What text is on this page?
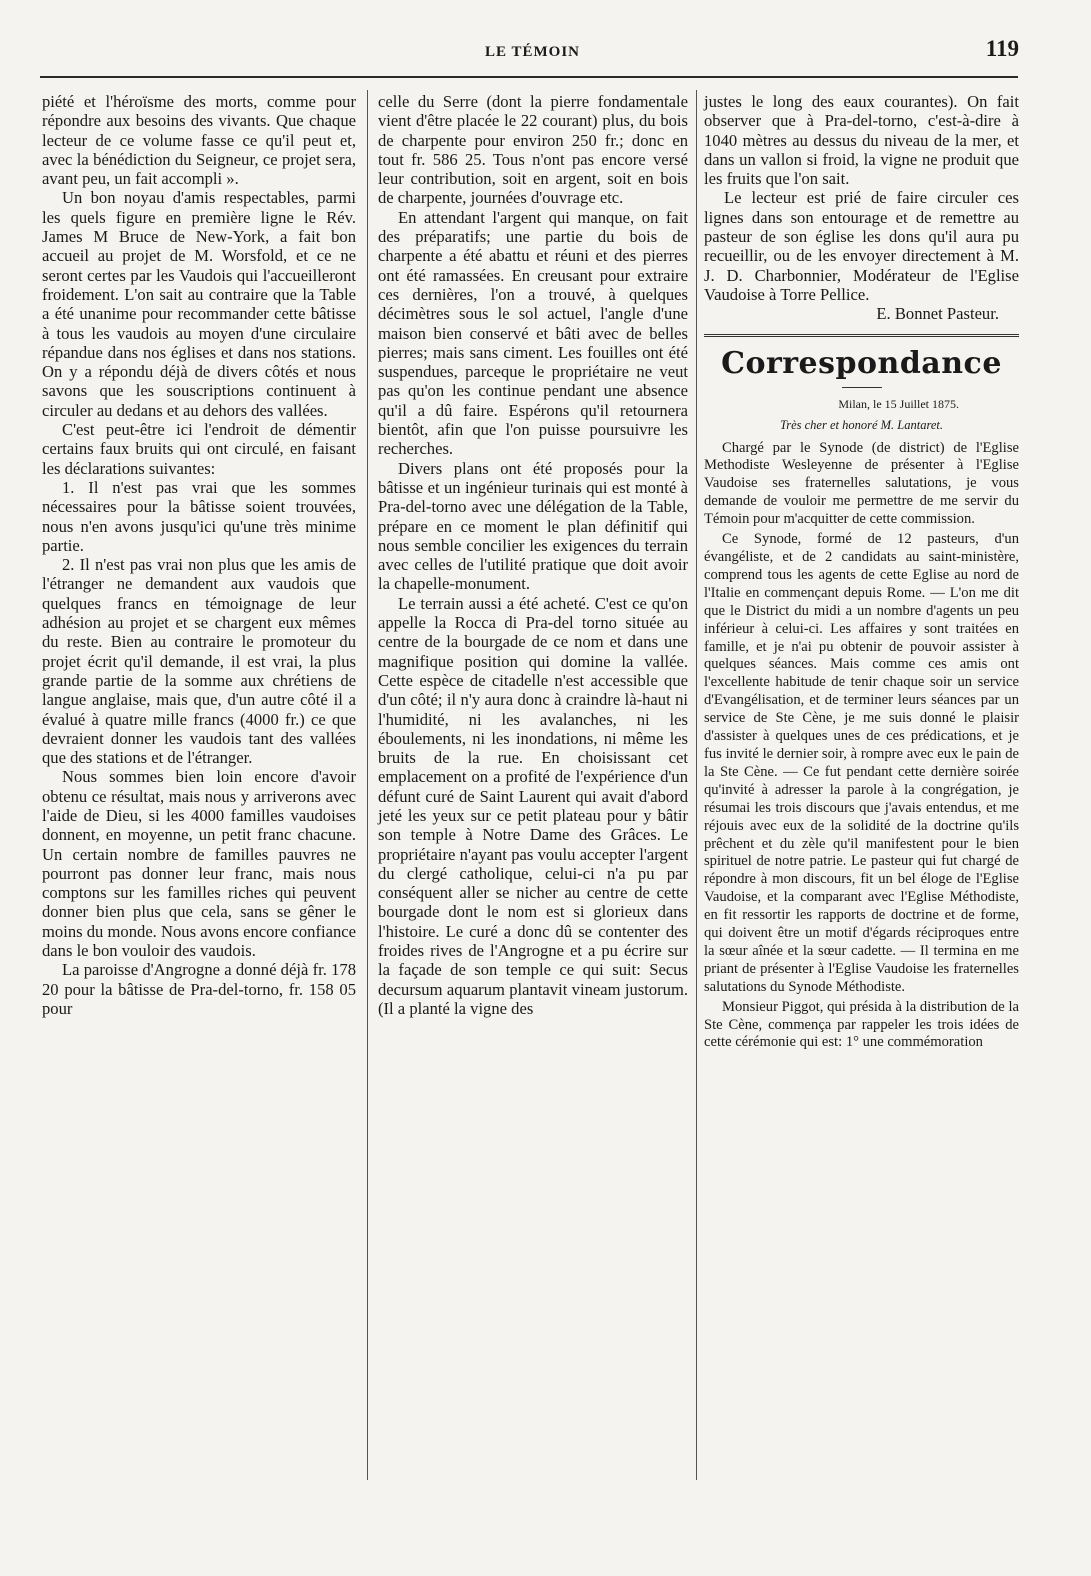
LE TÉMOIN	119

piété et l'héroïsme des morts, comme pour répondre aux besoins des vivants. Que chaque lecteur de ce volume fasse ce qu'il peut et, avec la bénédiction du Seigneur, ce projet sera, avant peu, un fait accompli ».

Un bon noyau d'amis respectables, parmi les quels figure en première ligne le Rév. James M Bruce de New-York, a fait bon accueil au projet de M. Worsfold, et ce ne seront certes par les Vaudois qui l'accueilleront froidement. L'on sait au contraire que la Table a été unanime pour recommander cette bâtisse à tous les vaudois au moyen d'une circulaire répandue dans nos églises et dans nos stations. On y a répondu déjà de divers côtés et nous savons que les souscriptions continuent à circuler au dedans et au dehors des vallées.

C'est peut-être ici l'endroit de démentir certains faux bruits qui ont circulé, en faisant les déclarations suivantes:

1. Il n'est pas vrai que les sommes nécessaires pour la bâtisse soient trouvées, nous n'en avons jusqu'ici qu'une très minime partie.

2. Il n'est pas vrai non plus que les amis de l'étranger ne demandent aux vaudois que quelques francs en témoignage de leur adhésion au projet et se chargent eux mêmes du reste. Bien au contraire le promoteur du projet écrit qu'il demande, il est vrai, la plus grande partie de la somme aux chrétiens de langue anglaise, mais que, d'un autre côté il a évalué à quatre mille francs (4000 fr.) ce que devraient donner les vaudois tant des vallées que des stations et de l'étranger.

Nous sommes bien loin encore d'avoir obtenu ce résultat, mais nous y arriverons avec l'aide de Dieu, si les 4000 familles vaudoises donnent, en moyenne, un petit franc chacune. Un certain nombre de familles pauvres ne pourront pas donner leur franc, mais nous comptons sur les familles riches qui peuvent donner bien plus que cela, sans se gêner le moins du monde. Nous avons encore confiance dans le bon vouloir des vaudois.

La paroisse d'Angrogne a donné déjà fr. 178 20 pour la bâtisse de Pra-del-torno, fr. 158 05 pour

celle du Serre (dont la pierre fondamentale vient d'être placée le 22 courant) plus, du bois de charpente pour environ 250 fr.; donc en tout fr. 586 25. Tous n'ont pas encore versé leur contribution, soit en argent, soit en bois de charpente, journées d'ouvrage etc.

En attendant l'argent qui manque, on fait des préparatifs; une partie du bois de charpente a été abattu et réuni et des pierres ont été ramassées. En creusant pour extraire ces dernières, l'on a trouvé, à quelques décimètres sous le sol actuel, l'angle d'une maison bien conservé et bâti avec de belles pierres; mais sans ciment. Les fouilles ont été suspendues, parceque le propriétaire ne veut pas qu'on les continue pendant une absence qu'il a dû faire. Espérons qu'il retournera bientôt, afin que l'on puisse poursuivre les recherches.

Divers plans ont été proposés pour la bâtisse et un ingénieur turinais qui est monté à Pra-del-torno avec une délégation de la Table, prépare en ce moment le plan définitif qui nous semble concilier les exigences du terrain avec celles de l'utilité pratique que doit avoir la chapelle-monument.

Le terrain aussi a été acheté. C'est ce qu'on appelle la Rocca di Pra-del torno située au centre de la bourgade de ce nom et dans une magnifique position qui domine la vallée. Cette espèce de citadelle n'est accessible que d'un côté; il n'y aura donc à craindre là-haut ni l'humidité, ni les avalanches, ni les éboulements, ni les inondations, ni même les bruits de la rue. En choisissant cet emplacement on a profité de l'expérience d'un défunt curé de Saint Laurent qui avait d'abord jeté les yeux sur ce petit plateau pour y bâtir son temple à Notre Dame des Grâces. Le propriétaire n'ayant pas voulu accepter l'argent du clergé catholique, celui-ci n'a pu par conséquent aller se nicher au centre de cette bourgade dont le nom est si glorieux dans l'histoire. Le curé a donc dû se contenter des froides rives de l'Angrogne et a pu écrire sur la façade de son temple ce qui suit: Secus decursum aquarum plantavit vineam justorum. (Il a planté la vigne des

justes le long des eaux courantes). On fait observer que à Pra-del-torno, c'est-à-dire à 1040 mètres au dessus du niveau de la mer, et dans un vallon si froid, la vigne ne produit que les fruits que l'on sait.

Le lecteur est prié de faire circuler ces lignes dans son entourage et de remettre au pasteur de son église les dons qu'il aura pu recueillir, ou de les envoyer directement à M. J. D. Charbonnier, Modérateur de l'Eglise Vaudoise à Torre Pellice.

E. Bonnet Pasteur.

Correspondance
Milan, le 15 Juillet 1875.
Très cher et honoré M. Lantaret.

Chargé par le Synode (de district) de l'Eglise Methodiste Wesleyenne de présenter à l'Eglise Vaudoise ses fraternelles salutations, je vous demande de vouloir me permettre de me servir du Témoin pour m'acquitter de cette commission.

Ce Synode, formé de 12 pasteurs, d'un évangéliste, et de 2 candidats au saint-ministère, comprend tous les agents de cette Eglise au nord de l'Italie en commençant depuis Rome. — L'on me dit que le District du midi a un nombre d'agents un peu inférieur à celui-ci. Les affaires y sont traitées en famille, et je n'ai pu obtenir de pouvoir assister à quelques séances. Mais comme ces amis ont l'excellente habitude de tenir chaque soir un service d'Evangélisation, et de terminer leurs séances par un service de Ste Cène, je me suis donné le plaisir d'assister à quelques unes de ces prédications, et je fus invité le dernier soir, à rompre avec eux le pain de la Ste Cène. — Ce fut pendant cette dernière soirée qu'invité à adresser la parole à la congrégation, je résumai les trois discours que j'avais entendus, et me réjouis avec eux de la solidité de la doctrine qu'ils prêchent et du zèle qu'il manifestent pour le bien spirituel de notre patrie. Le pasteur qui fut chargé de répondre à mon discours, fit un bel éloge de l'Eglise Vaudoise, et la comparant avec l'Eglise Méthodiste, en fit ressortir les rapports de doctrine et de forme, qui doivent être un motif d'égards réciproques entre la sœur aînée et la sœur cadette. — Il termina en me priant de présenter à l'Eglise Vaudoise les fraternelles salutations du Synode Méthodiste.

Monsieur Piggot, qui présida à la distribution de la Ste Cène, commença par rappeler les trois idées de cette cérémonie qui est: 1° une commémoration
